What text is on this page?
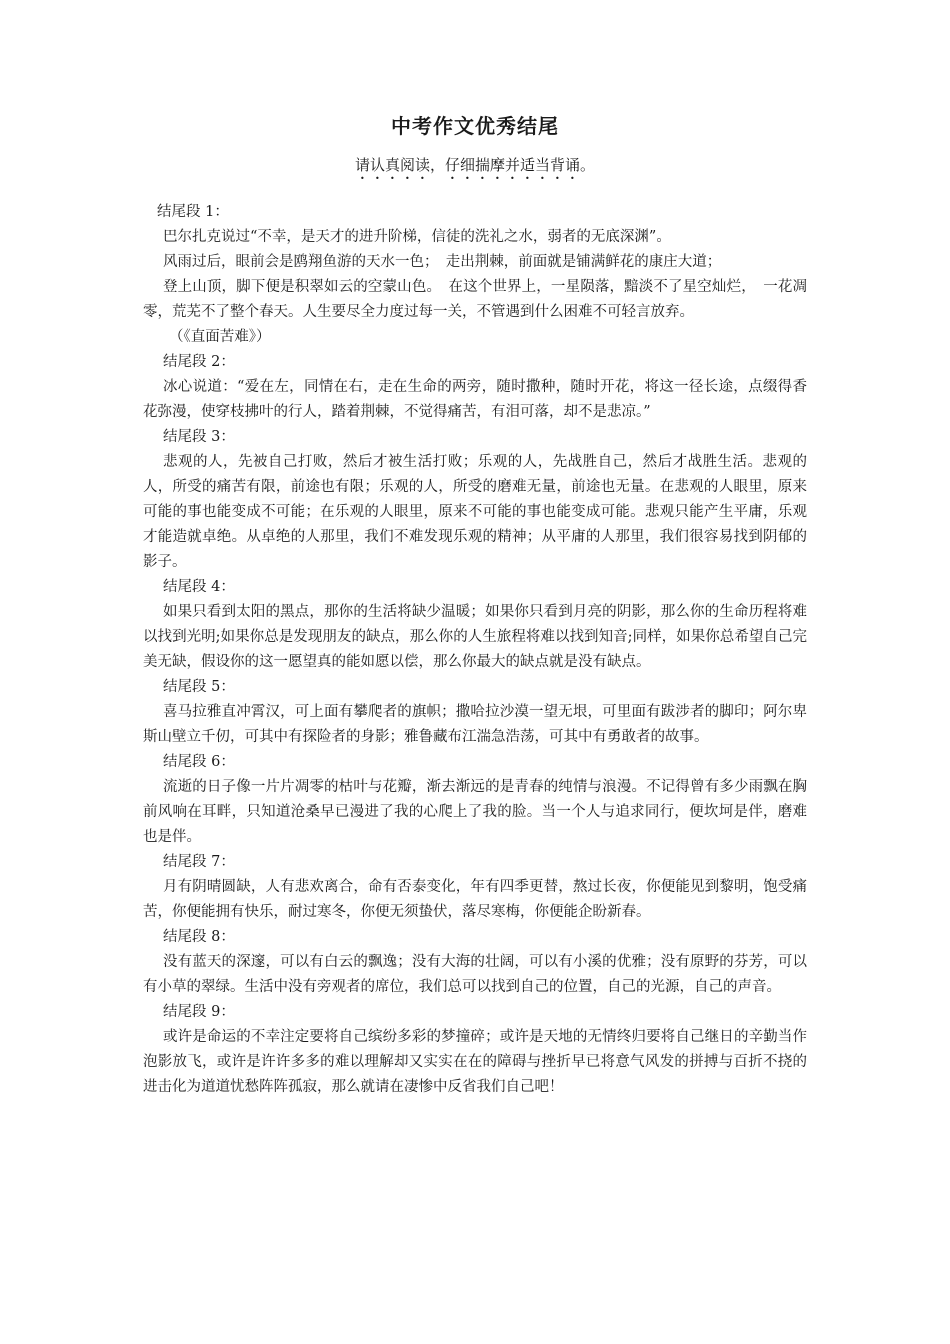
中考作文优秀结尾
请认真阅读，仔细揣摩并适当背诵。

结尾段 1：

巴尔扎克说过“不幸，是天才的进升阶梯，信徒的洗礼之水，弱者的无底深渊”。

风雨过后，眼前会是鸥翔鱼游的天水一色；　走出荆棘，前面就是铺满鲜花的康庄大道；

登上山顶，脚下便是积翠如云的空蒙山色。　在这个世界上，一星陨落，黯淡不了星空灿烂，　一花凋零，荒芜不了整个春天。人生要尽全力度过每一关，不管遇到什么困难不可轻言放弃。

（《直面苦难》）

结尾段 2：

冰心说道：“爱在左，同情在右，走在生命的两旁，随时撒种，随时开花，将这一径长途，点缀得香花弥漫，使穿枝拂叶的行人，踏着荆棘，不觉得痛苦，有泪可落，却不是悲凉。”

结尾段 3：

悲观的人，先被自己打败，然后才被生活打败；乐观的人，先战胜自己，然后才战胜生活。悲观的人，所受的痛苦有限，前途也有限；乐观的人，所受的磨难无量，前途也无量。在悲观的人眼里，原来可能的事也能变成不可能；在乐观的人眼里，原来不可能的事也能变成可能。悲观只能产生平庸，乐观才能造就卓绝。从卓绝的人那里，我们不难发现乐观的精神；从平庸的人那里，我们很容易找到阴郁的影子。

结尾段 4：

如果只看到太阳的黑点，那你的生活将缺少温暖；如果你只看到月亮的阴影，那么你的生命历程将难以找到光明;如果你总是发现朋友的缺点，那么你的人生旅程将难以找到知音;同样，如果你总希望自己完美无缺，假设你的这一愿望真的能如愿以偿，那么你最大的缺点就是没有缺点。

结尾段 5：

喜马拉雅直冲霄汉，可上面有攀爬者的旗帜；撒哈拉沙漠一望无垠，可里面有跋涉者的脚印；阿尔卑斯山壁立千仞，可其中有探险者的身影；雅鲁藏布江湍急浩荡，可其中有勇敢者的故事。

结尾段 6：

流逝的日子像一片片凋零的枯叶与花瓣，渐去渐远的是青春的纯情与浪漫。不记得曾有多少雨飘在胸前风响在耳畔，只知道沧桑早已漫进了我的心爬上了我的脸。当一个人与追求同行，便坎坷是伴，磨难也是伴。

结尾段 7：

月有阴晴圆缺，人有悲欢离合，命有否泰变化，年有四季更替，熬过长夜，你便能见到黎明，饱受痛苦，你便能拥有快乐，耐过寒冬，你便无须蛰伏，落尽寒梅，你便能企盼新春。

结尾段 8：

没有蓝天的深邃，可以有白云的飘逸；没有大海的壮阔，可以有小溪的优雅；没有原野的芬芳，可以有小草的翠绿。生活中没有旁观者的席位，我们总可以找到自己的位置，自己的光源，自己的声音。

结尾段 9：

或许是命运的不幸注定要将自己缤纷多彩的梦撞碎；或许是天地的无情终归要将自己继日的辛勤当作泡影放飞，或许是许许多多的难以理解却又实实在在的障碍与挫折早已将意气风发的拼搏与百折不挠的进击化为道道忧愁阵阵孤寂，那么就请在凄惨中反省我们自己吧！
